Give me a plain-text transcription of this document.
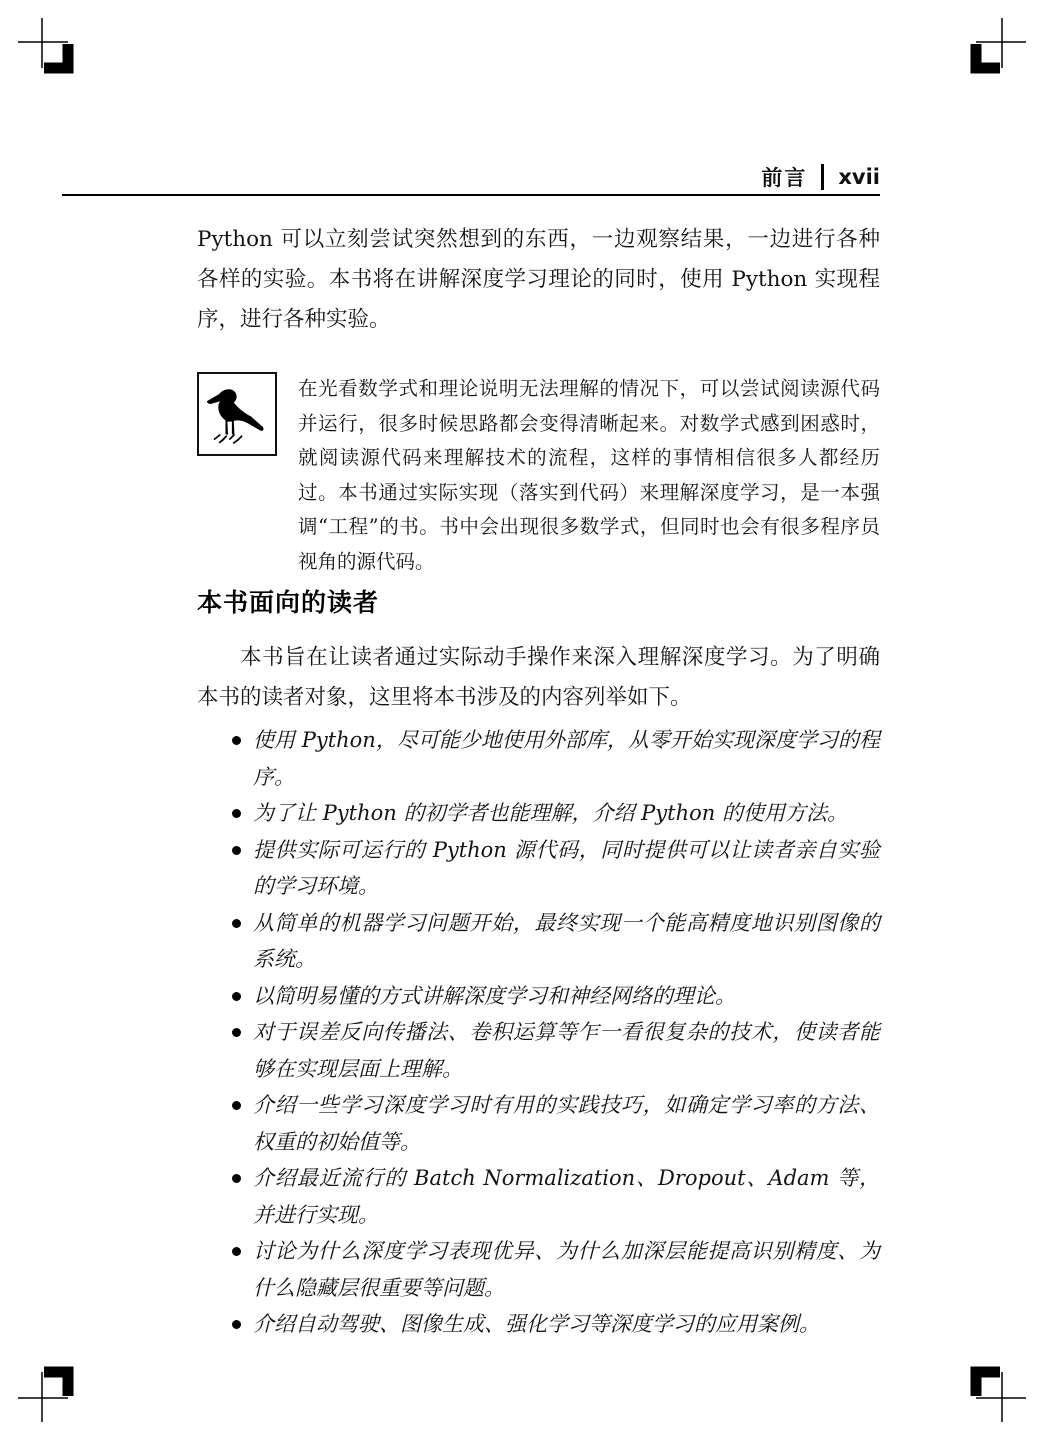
前言 xvii

Python 可以立刻尝试突然想到的东西，一边观察结果，一边进行各种各样的实验。本书将在讲解深度学习理论的同时，使用 Python 实现程序，进行各种实验。

在光看数学式和理论说明无法理解的情况下，可以尝试阅读源代码并运行，很多时候思路都会变得清晰起来。对数学式感到困惑时，就阅读源代码来理解技术的流程，这样的事情相信很多人都经历过。本书通过实际实现（落实到代码）来理解深度学习，是一本强调“工程”的书。书中会出现很多数学式，但同时也会有很多程序员视角的源代码。

本书面向的读者

本书旨在让读者通过实际动手操作来深入理解深度学习。为了明确本书的读者对象，这里将本书涉及的内容列举如下。

使用 Python，尽可能少地使用外部库，从零开始实现深度学习的程序。
为了让 Python 的初学者也能理解，介绍 Python 的使用方法。
提供实际可运行的 Python 源代码，同时提供可以让读者亲自实验的学习环境。
从简单的机器学习问题开始，最终实现一个能高精度地识别图像的系统。
以简明易懂的方式讲解深度学习和神经网络的理论。
对于误差反向传播法、卷积运算等乍一看很复杂的技术，使读者能够在实现层面上理解。
介绍一些学习深度学习时有用的实践技巧，如确定学习率的方法、权重的初始值等。
介绍最近流行的 Batch Normalization、Dropout、Adam 等，并进行实现。
讨论为什么深度学习表现优异、为什么加深层能提高识别精度、为什么隐藏层很重要等问题。
介绍自动驾驶、图像生成、强化学习等深度学习的应用案例。
